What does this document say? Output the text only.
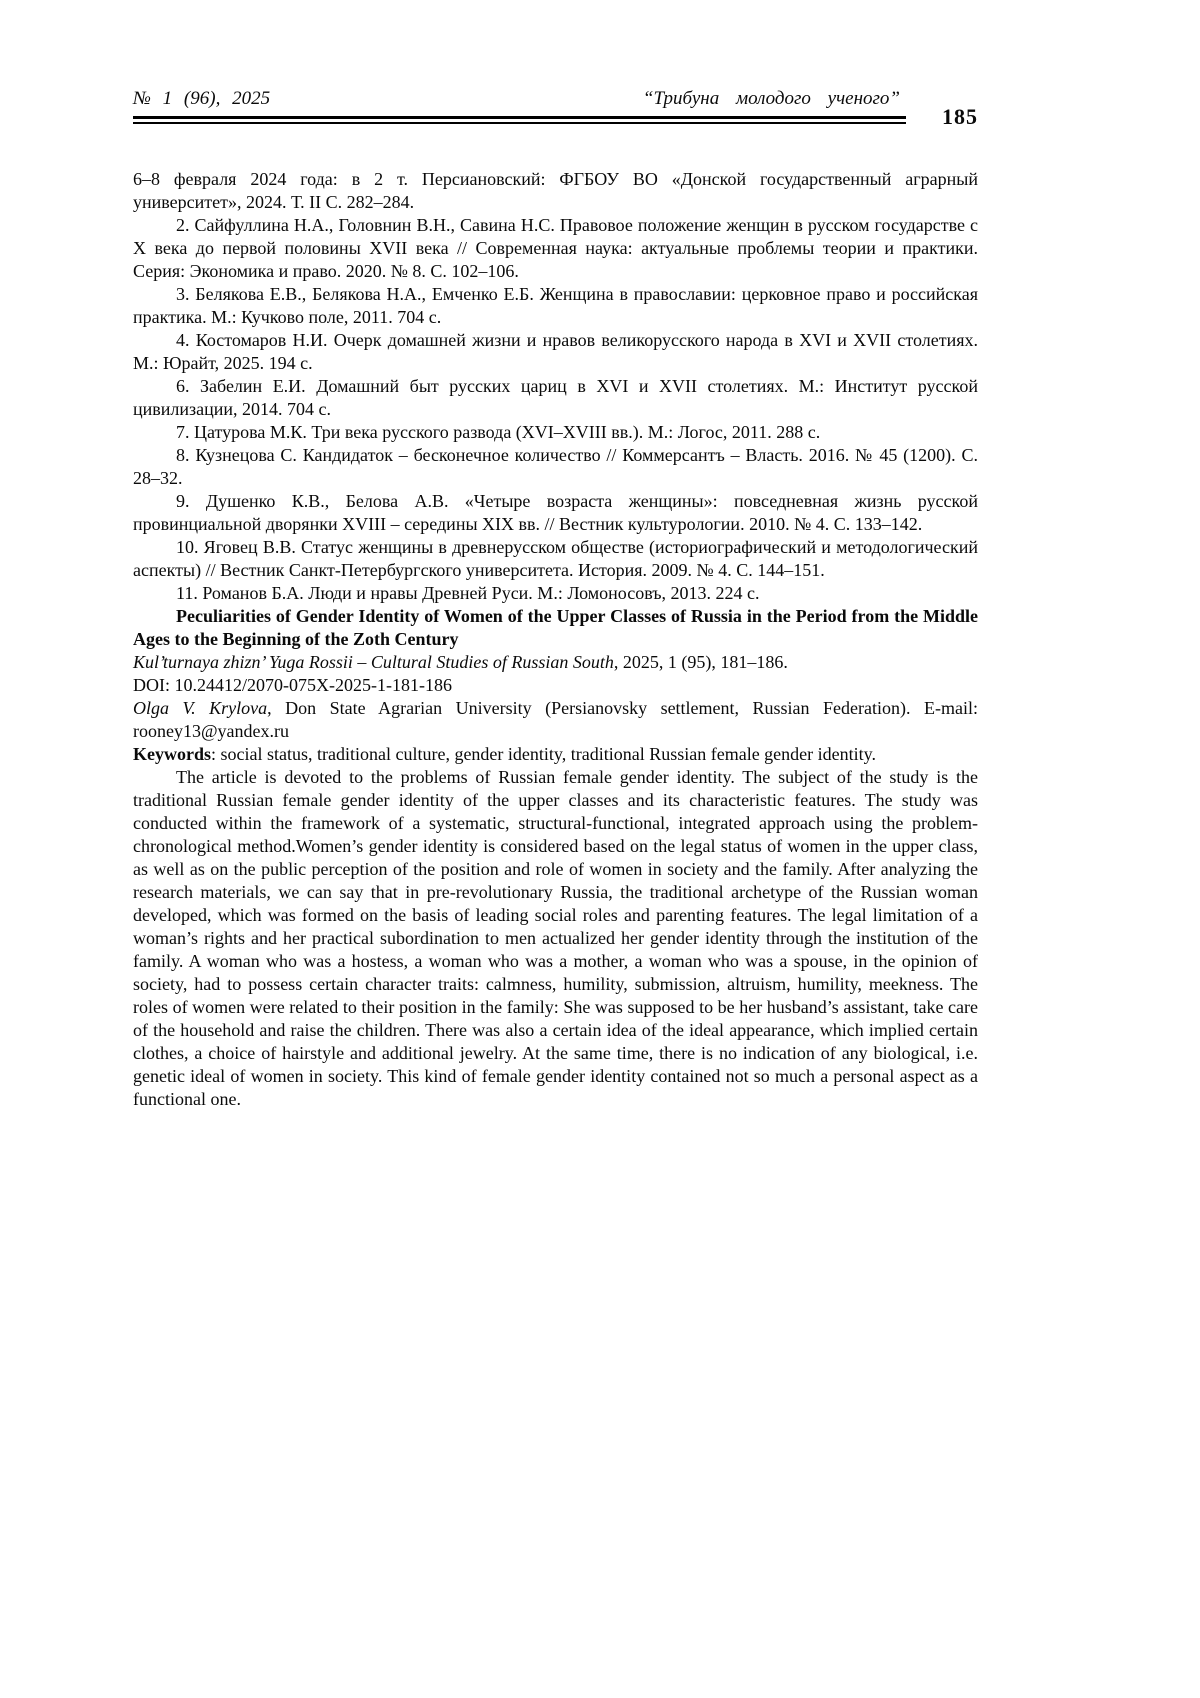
№ 1 (96), 2025	“Трибуна молодого ученого”
185

6–8 февраля 2024 года: в 2 т. Персиановский: ФГБОУ ВО «Донской государственный аграрный университет», 2024. Т. II С. 282–284.

2. Сайфуллина Н.А., Головнин В.Н., Савина Н.С. Правовое положение женщин в русском государстве с X века до первой половины XVII века // Современная наука: актуальные проблемы теории и практики. Серия: Экономика и право. 2020. № 8. С. 102–106.

3. Белякова Е.В., Белякова Н.А., Емченко Е.Б. Женщина в православии: церковное право и российская практика. М.: Кучково поле, 2011. 704 с.

4. Костомаров Н.И. Очерк домашней жизни и нравов великорусского народа в XVI и XVII столетиях. М.: Юрайт, 2025. 194 с.

6. Забелин Е.И. Домашний быт русских цариц в XVI и XVII столетиях. М.: Институт русской цивилизации, 2014. 704 с.

7. Цатурова М.К. Три века русского развода (XVI–XVIII вв.). М.: Логос, 2011. 288 с.

8. Кузнецова С. Кандидаток – бесконечное количество // Коммерсантъ – Власть. 2016. № 45 (1200). С. 28–32.

9. Душенко К.В., Белова А.В. «Четыре возраста женщины»: повседневная жизнь русской провинциальной дворянки XVIII – середины XIX вв. // Вестник культурологии. 2010. № 4. С. 133–142.

10. Яговец В.В. Статус женщины в древнерусском обществе (историографический и методологический аспекты) // Вестник Санкт-Петербургского университета. История. 2009. № 4. С. 144–151.

11. Романов Б.А. Люди и нравы Древней Руси. М.: Ломоносовъ, 2013. 224 с.

Peculiarities of Gender Identity of Women of the Upper Classes of Russia in the Period from the Middle Ages to the Beginning of the Zoth Century

Kul’turnaya zhizn’ Yuga Rossii – Cultural Studies of Russian South, 2025, 1 (95), 181–186.

DOI: 10.24412/2070-075X-2025-1-181-186

Olga V. Krylova, Don State Agrarian University (Persianovsky settlement, Russian Federation). E-mail: rooney13@yandex.ru

Keywords: social status, traditional culture, gender identity, traditional Russian female gender identity.

The article is devoted to the problems of Russian female gender identity. The subject of the study is the traditional Russian female gender identity of the upper classes and its characteristic features. The study was conducted within the framework of a systematic, structural-functional, integrated approach using the problem-chronological method.Women’s gender identity is considered based on the legal status of women in the upper class, as well as on the public perception of the position and role of women in society and the family. After analyzing the research materials, we can say that in pre-revolutionary Russia, the traditional archetype of the Russian woman developed, which was formed on the basis of leading social roles and parenting features. The legal limitation of a woman’s rights and her practical subordination to men actualized her gender identity through the institution of the family. A woman who was a hostess, a woman who was a mother, a woman who was a spouse, in the opinion of society, had to possess certain character traits: calmness, humility, submission, altruism, humility, meekness. The roles of women were related to their position in the family: She was supposed to be her husband’s assistant, take care of the household and raise the children. There was also a certain idea of the ideal appearance, which implied certain clothes, a choice of hairstyle and additional jewelry. At the same time, there is no indication of any biological, i.e. genetic ideal of women in society. This kind of female gender identity contained not so much a personal aspect as a functional one.
